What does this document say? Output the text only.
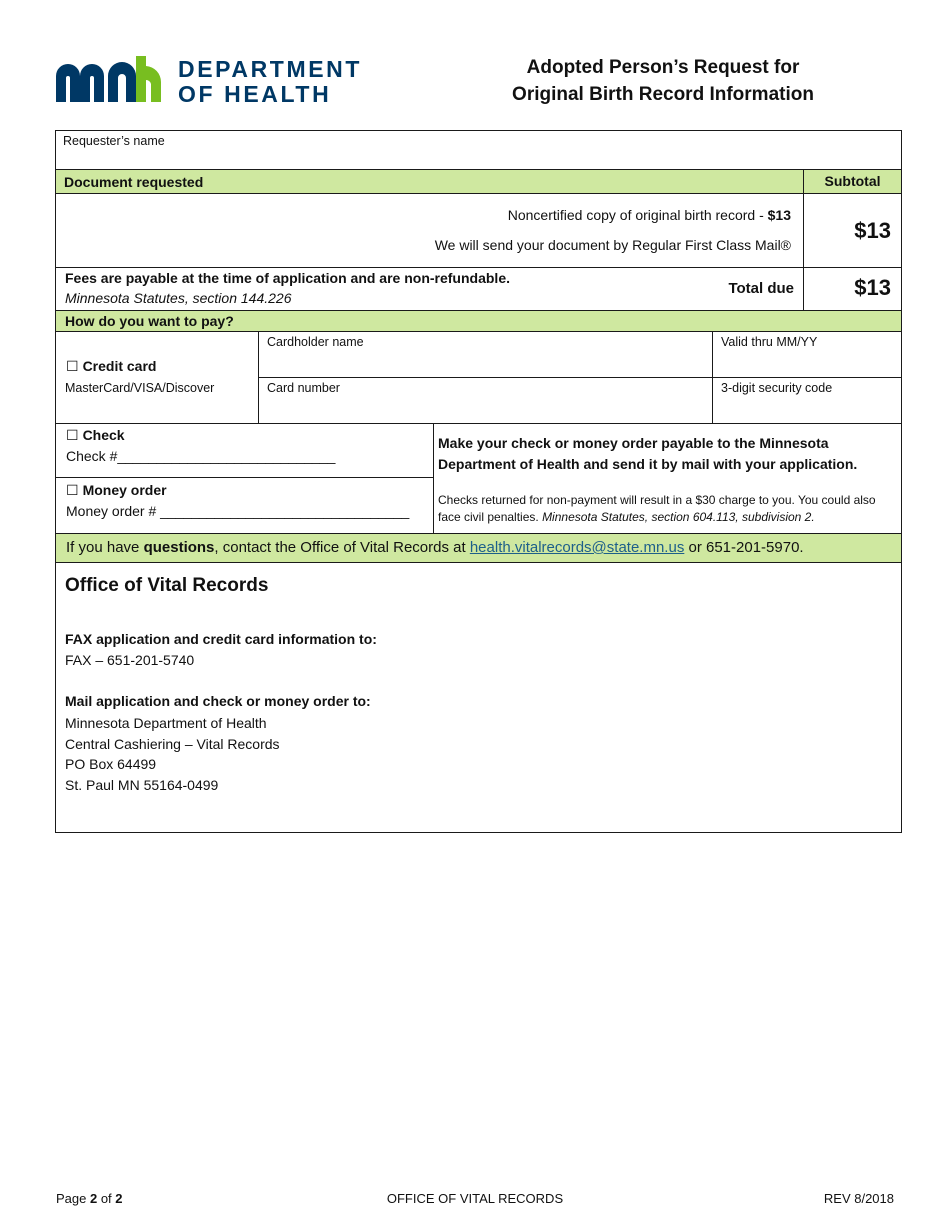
DEPARTMENT
OF HEALTH
Adopted Person’s Request for
Original Birth Record Information
Requester’s name
Document requested	Subtotal
Noncertified copy of original birth record - $13
We will send your document by Regular First Class Mail®
$13
Fees are payable at the time of application and are non-refundable.
Minnesota Statutes, section 144.226
Total due	$13
How do you want to pay?
☐ Credit card
MasterCard/VISA/Discover
Cardholder name	Valid thru MM/YY
Card number	3-digit security code
☐ Check
Check #____________________________
☐ Money order
Money order # ________________________________
Make your check or money order payable to the Minnesota Department of Health and send it by mail with your application.
Checks returned for non-payment will result in a $30 charge to you. You could also face civil penalties. Minnesota Statutes, section 604.113, subdivision 2.
If you have questions, contact the Office of Vital Records at health.vitalrecords@state.mn.us or 651-201-5970.
Office of Vital Records
FAX application and credit card information to:
FAX – 651-201-5740
Mail application and check or money order to:
Minnesota Department of Health
Central Cashiering – Vital Records
PO Box 64499
St. Paul MN 55164-0499
Page 2 of 2	OFFICE OF VITAL RECORDS	REV 8/2018
